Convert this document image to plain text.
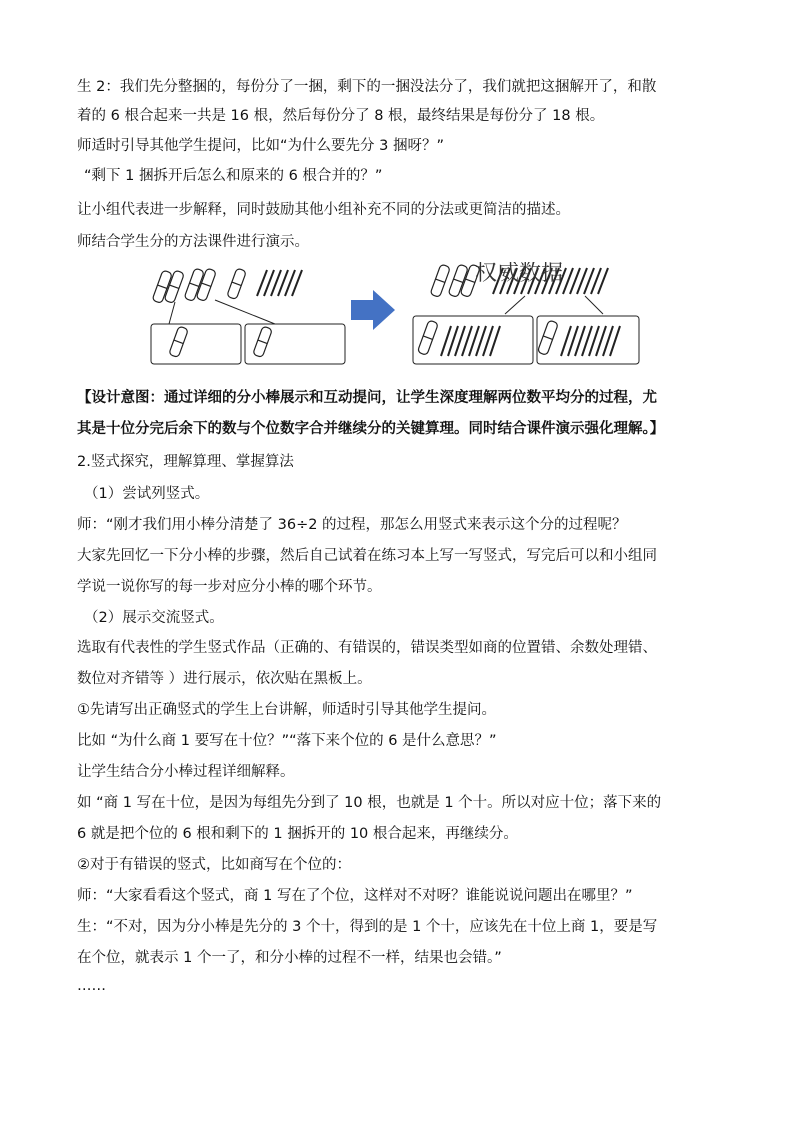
生 2：我们先分整捆的，每份分了一捆，剩下的一捆没法分了，我们就把这捆解开了，和散
着的 6 根合起来一共是 16 根，然后每份分了 8 根，最终结果是每份分了 18 根。
师适时引导其他学生提问，比如“为什么要先分 3 捆呀？”
“剩下 1 捆拆开后怎么和原来的 6 根合并的？”
让小组代表进一步解释，同时鼓励其他小组补充不同的分法或更简洁的描述。
师结合学生分的方法课件进行演示。
权威数据
【设计意图：通过详细的分小棒展示和互动提问，让学生深度理解两位数平均分的过程，尤
其是十位分完后余下的数与个位数字合并继续分的关键算理。同时结合课件演示强化理解。】
2.竖式探究，理解算理、掌握算法
（1）尝试列竖式。
师：“刚才我们用小棒分清楚了 36÷2 的过程，那怎么用竖式来表示这个分的过程呢？
大家先回忆一下分小棒的步骤，然后自己试着在练习本上写一写竖式，写完后可以和小组同
学说一说你写的每一步对应分小棒的哪个环节。
（2）展示交流竖式。
选取有代表性的学生竖式作品（正确的、有错误的，错误类型如商的位置错、余数处理错、
数位对齐错等 ）进行展示，依次贴在黑板上。
①先请写出正确竖式的学生上台讲解，师适时引导其他学生提问。
比如 “为什么商 1 要写在十位？”“落下来个位的 6 是什么意思？”
让学生结合分小棒过程详细解释。
如 “商 1 写在十位，是因为每组先分到了 10 根，也就是 1 个十。所以对应十位；落下来的
6 就是把个位的 6 根和剩下的 1 捆拆开的 10 根合起来，再继续分。
②对于有错误的竖式，比如商写在个位的：
师：“大家看看这个竖式，商 1 写在了个位，这样对不对呀？谁能说说问题出在哪里？”
生：“不对，因为分小棒是先分的 3 个十，得到的是 1 个十，应该先在十位上商 1，要是写
在个位，就表示 1 个一了，和分小棒的过程不一样，结果也会错。”
……
